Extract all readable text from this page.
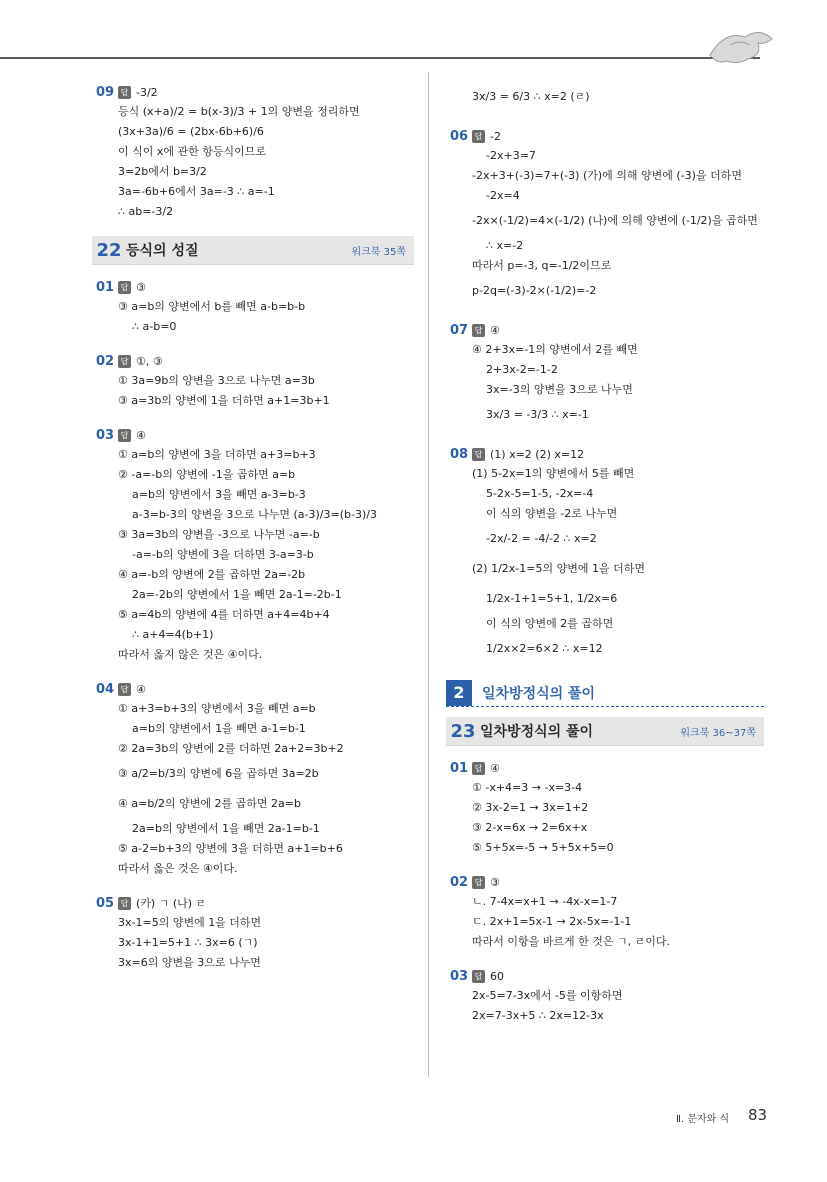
09 답 -3/2
등식 (x+a)/2 = b(x-3)/3 + 1의 양변을 정리하면
(3x+3a)/6 = (2bx-6b+6)/6
이 식이 x에 관한 항등식이므로
3=2b에서 b=3/2
3a=-6b+6에서 3a=-3 ∴ a=-1
∴ ab=-3/2
22 등식의 성질	워크북 35쪽
01 답 ③
③ a=b의 양변에서 b를 빼면 a-b=b-b
∴ a-b=0
02 답 ①, ③
① 3a=9b의 양변을 3으로 나누면 a=3b
③ a=3b의 양변에 1을 더하면 a+1=3b+1
03 답 ④
① a=b의 양변에 3을 더하면 a+3=b+3
② -a=-b의 양변에 -1을 곱하면 a=b
a=b의 양변에서 3을 빼면 a-3=b-3
a-3=b-3의 양변을 3으로 나누면 (a-3)/3=(b-3)/3
③ 3a=3b의 양변을 -3으로 나누면 -a=-b
-a=-b의 양변에 3을 더하면 3-a=3-b
④ a=-b의 양변에 2를 곱하면 2a=-2b
2a=-2b의 양변에서 1을 빼면 2a-1=-2b-1
⑤ a=4b의 양변에 4를 더하면 a+4=4b+4
∴ a+4=4(b+1)
따라서 옳지 않은 것은 ④이다.
04 답 ④
① a+3=b+3의 양변에서 3을 빼면 a=b
a=b의 양변에서 1을 빼면 a-1=b-1
② 2a=3b의 양변에 2를 더하면 2a+2=3b+2
③ a/2=b/3의 양변에 6을 곱하면 3a=2b
④ a=b/2의 양변에 2를 곱하면 2a=b
2a=b의 양변에서 1을 빼면 2a-1=b-1
⑤ a-2=b+3의 양변에 3을 더하면 a+1=b+6
따라서 옳은 것은 ④이다.
05 답 (카) ㄱ (나) ㄹ
3x-1=5의 양변에 1을 더하면
3x-1+1=5+1 ∴ 3x=6 (ㄱ)
3x=6의 양변을 3으로 나누면
3x/3 = 6/3 ∴ x=2 (ㄹ)
06 답 -2
-2x+3=7
-2x+3+(-3)=7+(-3) (가)에 의해 양변에 (-3)을 더하면
-2x=4
-2x×(-1/2)=4×(-1/2) (나)에 의해 양변에 (-1/2)을 곱하면
∴ x=-2
따라서 p=-3, q=-1/2이므로
p-2q=(-3)-2×(-1/2)=-2
07 답 ④
④ 2+3x=-1의 양변에서 2를 빼면
2+3x-2=-1-2
3x=-3의 양변을 3으로 나누면
3x/3 = -3/3 ∴ x=-1
08 답 (1) x=2 (2) x=12
(1) 5-2x=1의 양변에서 5를 빼면
5-2x-5=1-5, -2x=-4
이 식의 양변을 -2로 나누면
-2x/-2 = -4/-2 ∴ x=2
(2) 1/2x-1=5의 양변에 1을 더하면
1/2x-1+1=5+1, 1/2x=6
이 식의 양변에 2를 곱하면
1/2x×2=6×2 ∴ x=12
2	일차방정식의 풀이
23 일차방정식의 풀이	워크북 36~37쪽
01 답 ④
① -x+4=3 → -x=3-4
② 3x-2=1 → 3x=1+2
③ 2-x=6x → 2=6x+x
⑤ 5+5x=-5 → 5+5x+5=0
02 답 ③
ㄴ. 7-4x=x+1 → -4x-x=1-7
ㄷ. 2x+1=5x-1 → 2x-5x=-1-1
따라서 이항을 바르게 한 것은 ㄱ, ㄹ이다.
03 답 60
2x-5=7-3x에서 -5를 이항하면
2x=7-3x+5 ∴ 2x=12-3x
Ⅱ. 문자와 식 83
